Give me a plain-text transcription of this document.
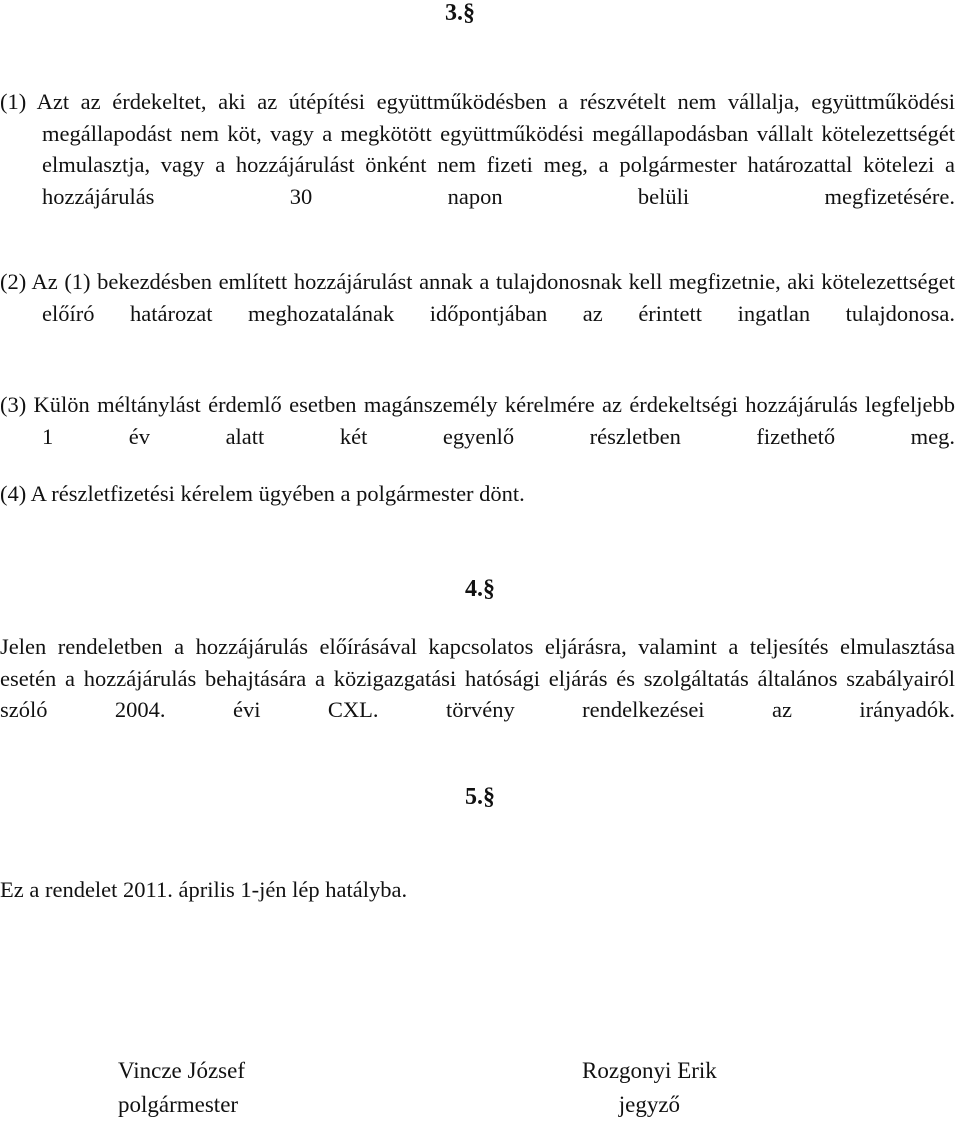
3.§
(1) Azt az érdekeltet, aki az útépítési együttműködésben a részvételt nem vállalja, együttműködési megállapodást nem köt, vagy a megkötött együttműködési megállapodásban vállalt kötelezettségét elmulasztja, vagy a hozzájárulást önként nem fizeti meg, a polgármester határozattal kötelezi a hozzájárulás 30 napon belüli megfizetésére.
(2) Az (1) bekezdésben említett hozzájárulást annak a tulajdonosnak kell megfizetnie, aki kötelezettséget előíró határozat meghozatalának időpontjában az érintett ingatlan tulajdonosa.
(3) Külön méltánylást érdemlő esetben magánszemély kérelmére az érdekeltségi hozzájárulás legfeljebb 1 év alatt két egyenlő részletben fizethető meg.
(4) A részletfizetési kérelem ügyében a polgármester dönt.
4.§
Jelen rendeletben a hozzájárulás előírásával kapcsolatos eljárásra, valamint a teljesítés elmulasztása esetén a hozzájárulás behajtására a közigazgatási hatósági eljárás és szolgáltatás általános szabályairól szóló 2004. évi CXL. törvény rendelkezései az irányadók.
5.§
Ez a rendelet 2011. április 1-jén lép hatályba.
Vincze József
polgármester
Rozgonyi Erik
jegyző
